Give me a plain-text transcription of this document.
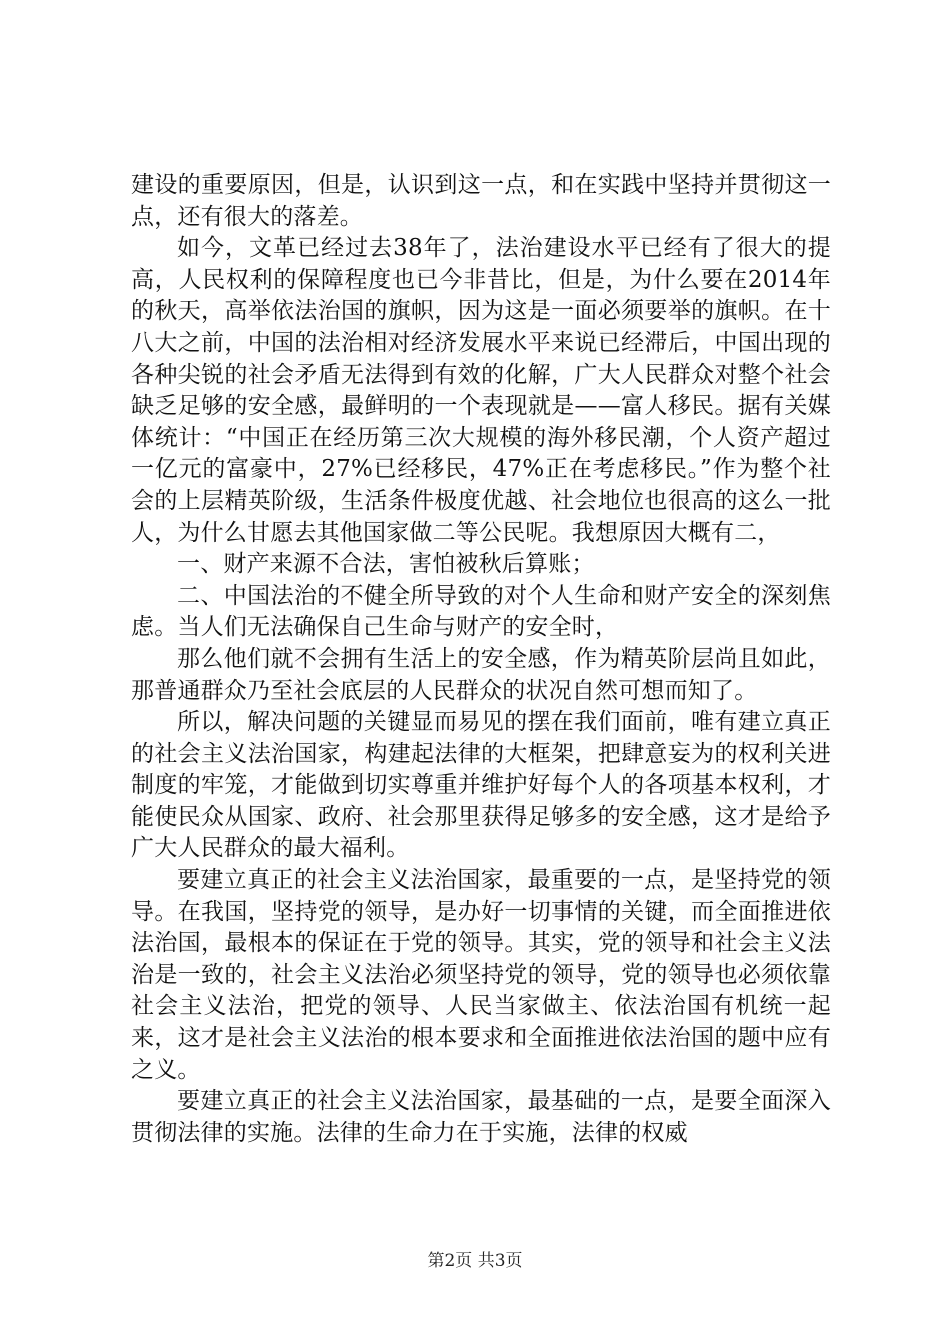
建设的重要原因，但是，认识到这一点，和在实践中坚持并贯彻这一点，还有很大的落差。

如今，文革已经过去38年了，法治建设水平已经有了很大的提高，人民权利的保障程度也已今非昔比，但是，为什么要在2014年的秋天，高举依法治国的旗帜，因为这是一面必须要举的旗帜。在十八大之前，中国的法治相对经济发展水平来说已经滞后，中国出现的各种尖锐的社会矛盾无法得到有效的化解，广大人民群众对整个社会缺乏足够的安全感，最鲜明的一个表现就是——富人移民。据有关媒体统计：“中国正在经历第三次大规模的海外移民潮，个人资产超过一亿元的富豪中，27%已经移民，47%正在考虑移民。”作为整个社会的上层精英阶级，生活条件极度优越、社会地位也很高的这么一批人，为什么甘愿去其他国家做二等公民呢。我想原因大概有二，

一、财产来源不合法，害怕被秋后算账；

二、中国法治的不健全所导致的对个人生命和财产安全的深刻焦虑。当人们无法确保自己生命与财产的安全时，

那么他们就不会拥有生活上的安全感，作为精英阶层尚且如此，那普通群众乃至社会底层的人民群众的状况自然可想而知了。

所以，解决问题的关键显而易见的摆在我们面前，唯有建立真正的社会主义法治国家，构建起法律的大框架，把肆意妄为的权利关进制度的牢笼，才能做到切实尊重并维护好每个人的各项基本权利，才能使民众从国家、政府、社会那里获得足够多的安全感，这才是给予广大人民群众的最大福利。

要建立真正的社会主义法治国家，最重要的一点，是坚持党的领导。在我国，坚持党的领导，是办好一切事情的关键，而全面推进依法治国，最根本的保证在于党的领导。其实，党的领导和社会主义法治是一致的，社会主义法治必须坚持党的领导，党的领导也必须依靠社会主义法治，把党的领导、人民当家做主、依法治国有机统一起来，这才是社会主义法治的根本要求和全面推进依法治国的题中应有之义。

要建立真正的社会主义法治国家，最基础的一点，是要全面深入贯彻法律的实施。法律的生命力在于实施，法律的权威

第2页 共3页
